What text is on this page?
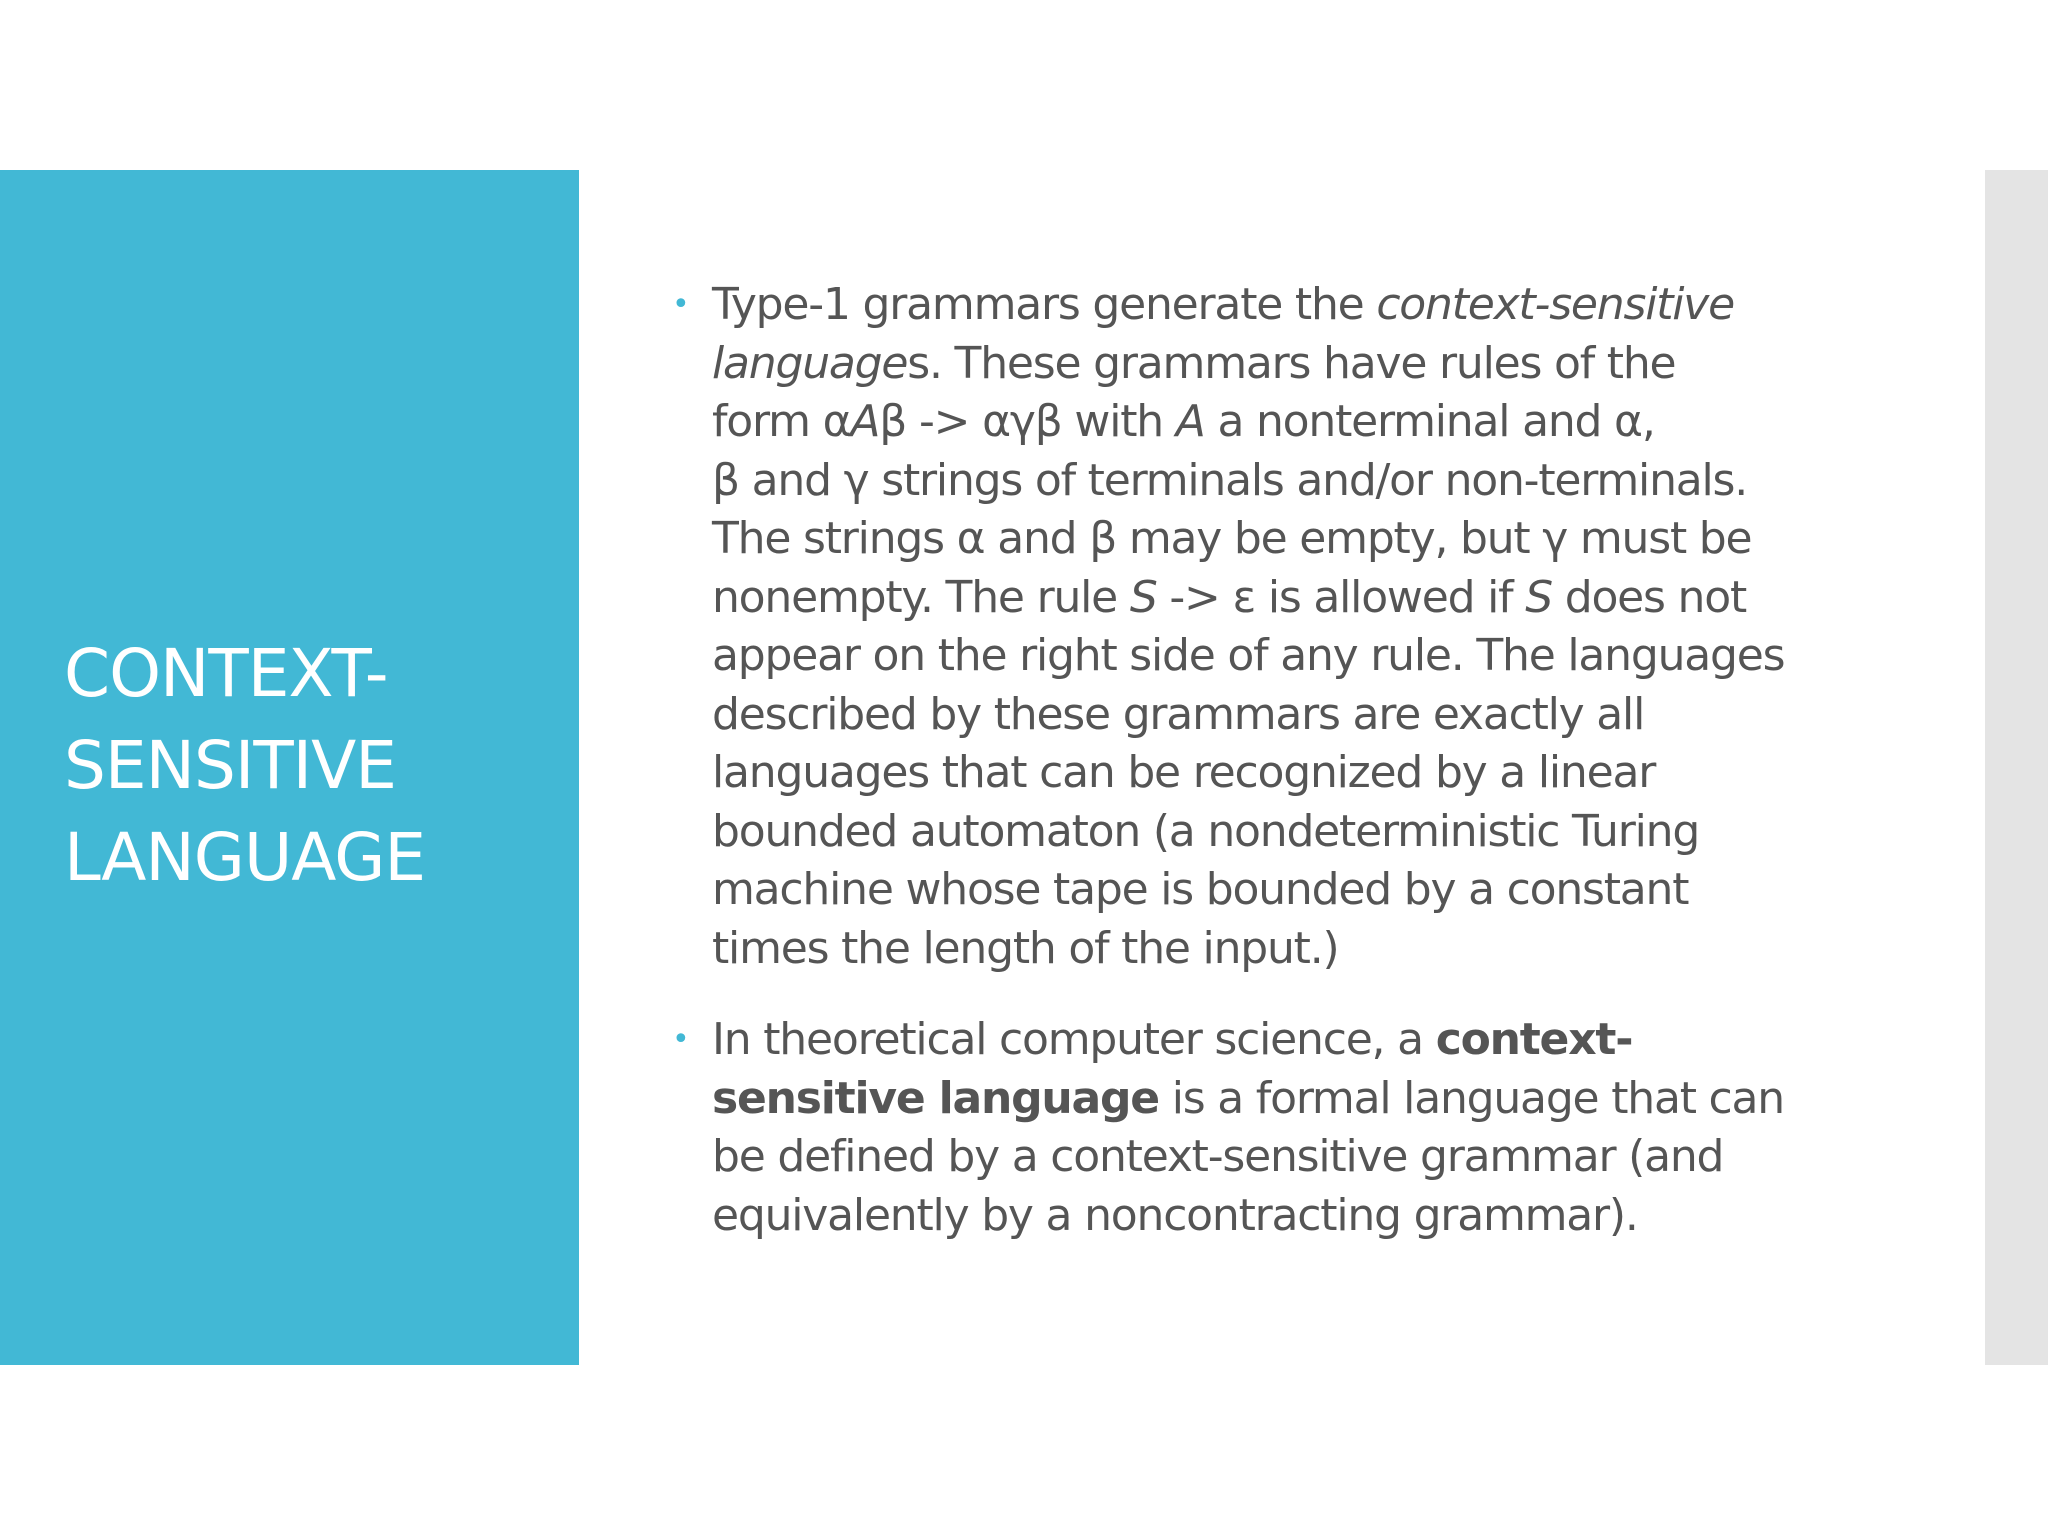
CONTEXT-
SENSITIVE
LANGUAGE
• Type-1 grammars generate the context-sensitive
languages. These grammars have rules of the
form αAβ -> αγβ with A a nonterminal and α,
β and γ strings of terminals and/or non-terminals.
The strings α and β may be empty, but γ must be
nonempty. The rule S -> ε is allowed if S does not
appear on the right side of any rule. The languages
described by these grammars are exactly all
languages that can be recognized by a linear
bounded automaton (a nondeterministic Turing
machine whose tape is bounded by a constant
times the length of the input.)
• In theoretical computer science, a context-
sensitive language is a formal language that can
be defined by a context-sensitive grammar (and
equivalently by a noncontracting grammar).
